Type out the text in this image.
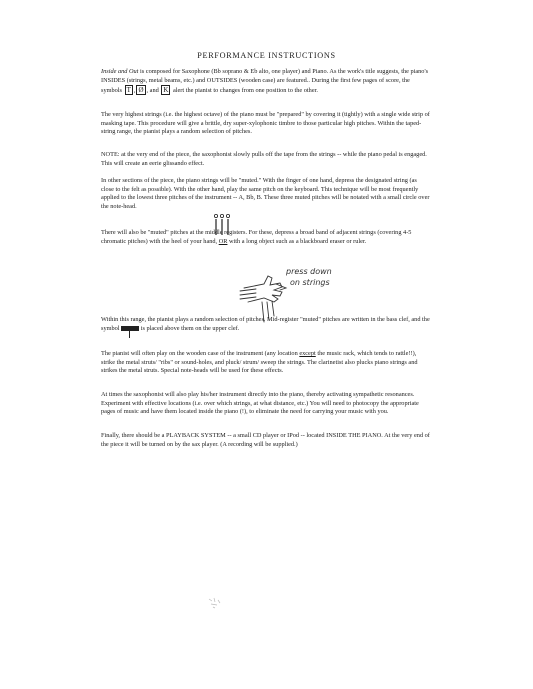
PERFORMANCE INSTRUCTIONS

Inside and Out is composed for Saxophone (Bb soprano & Eb alto, one player) and Piano. As the work's title suggests, the piano's INSIDES (strings, metal beams, etc.) and OUTSIDES (wooden case) are featured.. During the first few pages of score, the symbols T , Ø , and K alert the pianist to changes from one position to the other.

The very highest strings (i.e. the highest octave) of the piano must be "prepared" by covering it (tightly) with a single wide strip of masking tape. This procedure will give a brittle, dry super-xylophonic timbre to those particular high pitches. Within the taped-string range, the pianist plays a random selection of pitches.

NOTE: at the very end of the piece, the saxophonist slowly pulls off the tape from the strings -- while the piano pedal is engaged. This will create an eerie glissando effect.

In other sections of the piece, the piano strings will be "muted." With the finger of one hand, depress the designated string (as close to the felt as possible). With the other hand, play the same pitch on the keyboard. This technique will be most frequently applied to the lowest three pitches of the instrument -- A, Bb, B. These three muted pitches will be notated with a small circle over the note-head.

There will also be "muted" pitches at the middle registers. For these, depress a broad band of adjacent strings (covering 4-5 chromatic pitches) with the heel of your hand, OR with a long object such as a blackboard eraser or ruler.

press down
on strings

Within this range, the pianist plays a random selection of pitches. Mid-register "muted" pitches are written in the bass clef, and the symbol	is placed above them on the upper clef.

The pianist will often play on the wooden case of the instrument (any location except the music rack, which tends to rattle!!), strike the metal struts/ "ribs" or sound-holes, and pluck/ strum/ sweep the strings. The clarinetist also plucks piano strings and strikes the metal struts. Special note-heads will be used for these effects.

At times the saxophonist will also play his/her instrument directly into the piano, thereby activating sympathetic resonances. Experiment with effective locations (i.e. over which strings, at what distance, etc.) You will need to photocopy the appropriate pages of music and have them located inside the piano (!), to eliminate the need for carrying your music with you.

Finally, there should be a PLAYBACK SYSTEM -- a small CD player or IPod -- located INSIDE THE PIANO. At the very end of the piece it will be turned on by the sax player. (A recording will be supplied.)
